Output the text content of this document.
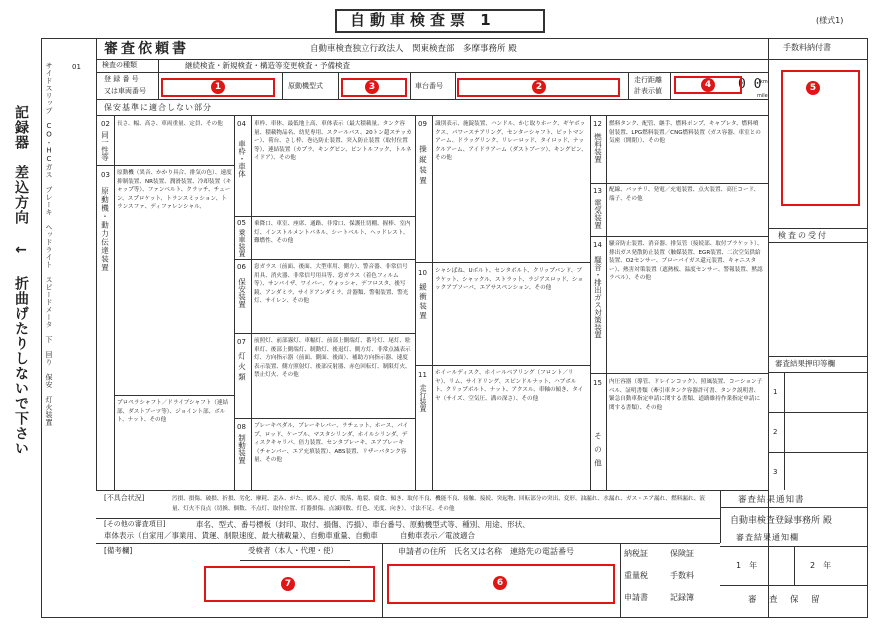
自動車検査票 1	(様式1)
記録器　差込方向 ← 折曲げたりしないで下さい サイドスリップ　CO・HCガス　ブレーキ　ヘッドライト　スピードメータ　下　回り　保安　灯火装置	01
審査依頼書	自動車検査独立行政法人　関東検査部　多摩事務所 殿
検査の種類	継続検査・新規検査・構造等変更検査・予備検査
登 録 番 号
又は車両番号
原動機型式	車台番号
走行距離
計表示値	0 0
km
mile
保安基準に適合しない部分
02
同一性等
長さ、幅、高さ、車両重量、定員、その他
03
原動機・動力伝達装置
原動機（異音、かかり具合、排気の色）、速度抑制装置、NR装置、潤滑装置、冷却装置（キャップ等）、ファンベルト、クラッチ、チェーン、スプロケット、トランスミッション、トランスファ、ディファレンシャル、
プロペラシャフト／ドライブシャフト（連結部、ダストブーツ等）、ジョイント部、ボルト、ナット、その他
04
車枠・車体
車枠、車体、最低地上高、車体表示（最大積載量、タンク容量、積載物品名、幼児専用、スクールバス、20トン超ステッカー）、荷台、さし枠、巻込防止装置、突入防止装置（取付位置等）、連結装置（カプラ、キングピン、ピントルフック、トルネイドア）、その他
05
乗車装置
乗降口、車室、座席、通路、非常口、保護仕切棚、握棒、室内灯、インストルメントパネル、シートベルト、ヘッドレスト、難燃性、その他
06
保安装置
窓ガラス（前面、後面、大型車用、側方）、警音器、非常信号用具、消火器、非常信号用具等、窓ガラス（着色フィルム等）、サンバイザ、ワイパー、ウォッシャ、デフロスタ、後写鏡、アンダミラ、サイドアンダミラ、計器類、警報装置、警光灯、サイレン、その他
07
灯火類
前照灯、前部霧灯、車幅灯、前部上側端灯、番号灯、尾灯、駐車灯、後部上側端灯、制動灯、後退灯、側方灯、非常点滅表示灯、方向指示器（前面、側面、後面）、補助方向指示器、速度表示装置、側方照射灯、後部反射器、赤色回転灯、制限灯火、禁止灯火、その他
08
制動装置
ブレーキペダル、ブレーキレバー、ラチェット、ホース、パイプ、ロッド、ケーブル、マスタシリンダ、ホイルシリンダ、ディスクキャリパ、倍力装置、センタブレーキ、エアブレーキ（チャンバー、エア充填装置）、ABS装置、リザーバタンク容量、その他
09
操縦装置
識別表示、施錠装置、ハンドル、かじ取りホーク、ギヤボックス、パワーステアリング、センターシャフト、ピットマンアーム、ドラッグリンク、リレーロッド、タイロッド、ナックルアーム、アイドラアーム（ダストブーツ）、キングピン、その他
10
緩衝装置
シャシばね、Uボルト、センタボルト、クリップバンド、ブラケット、シャックル、ストラット、ラジアスロッド、ショックアブソーバ、エアサスペンション、その他
11
走行装置
ホイールディスク、ホイールベアリング（フロント／リヤ）、リム、サイドリング、スピンドルナット、ハブボルト、クリップボルト、ナット、アクスル、車軸の傾き、タイヤ（サイズ、空気圧、溝の深さ）、その他
12
燃料装置
燃料タンク、配管、継手、燃料ポンプ、キャブレタ、燃料噴射装置、LPG燃料装置／CNG燃料装置（ガス容器、車室との気密（開閉））、その他
13
電気装置
配線、バッテリ、発電／充電装置、点火装置、高圧コード、端子、その他
14
騒音・排出ガス対策装置
騒音防止装置、消音器、排気管（接続部、取付ブラケット）、排出ガス発散防止装置（触媒装置、EGR装置、二次空気供給装置、O2センサー、ブローバイガス還元装置、キャニスター）、熱害対策装置（遮熱板、温度センサー、警報装置、黙認ラベル）、その他
15
その他
内圧容器（導管、ドレインコック）、照風装置、コーション子ベル、証明書類（牽引車タンク容器許可書、タンク説明書、緊急自動車指定申請に関する書類、道路維持作業指定申請に関する書類）、その他
[不具合状況]	汚損、損傷、破損、折損、劣化、摩耗、歪み、がた、緩み、遊び、脱落、亀裂、腐食、傾き、取付不良、機能不良、接触、接続、突起物、回転部分の突出、変形、油漏れ、水漏れ、ガス・エア漏れ、燃料漏れ、液量、灯火不良点（切換、個数、不点灯、取付位置、灯器損傷、点滅回数、灯色、光度、向き）、寸法不足、その他
[その他の審査項目]	車名、型式、番号標板（封印、取付、損傷、汚損）、車台番号、原動機型式等、種別、用途、形状、
車体表示（自家用／事業用、貨運、制限速度、最大積載量）、自動車重量、自動車	自動車表示／電波適合
[備考欄]	受検者（本人・代理・使）	申請者の住所　氏名又は名称　連絡先の電話番号	納税証	保険証
重量税	手数料
申請書	記録簿
手数料納付書
検査の受付
審査結果押印等欄
1
2
3
審査結果通知書
自動車検査登録事務所 殿
審査結果通知欄
1　年	2　年
審　査　保　留
1	2
3	4	5
6
7
